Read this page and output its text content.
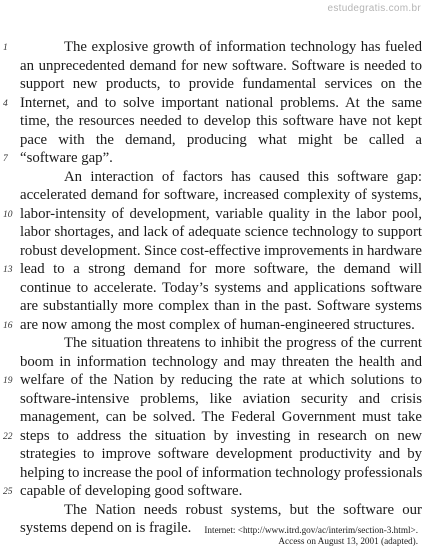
estudegratis.com.br
1	The explosive growth of information technology has fueled
an unprecedented demand for new software. Software is needed to
support new products, to provide fundamental services on the
4 Internet, and to solve important national problems. At the same
time, the resources needed to develop this software have not kept
pace with the demand, producing what might be called a
7 “software gap”.
An interaction of factors has caused this software gap:
accelerated demand for software, increased complexity of systems,
10 labor-intensity of development, variable quality in the labor pool,
labor shortages, and lack of adequate science technology to support
robust development. Since cost-effective improvements in hardware
13 lead to a strong demand for more software, the demand will
continue to accelerate. Today’s systems and applications software
are substantially more complex than in the past. Software systems
16 are now among the most complex of human-engineered structures.
The situation threatens to inhibit the progress of the current
boom in information technology and may threaten the health and
19 welfare of the Nation by reducing the rate at which solutions to
software-intensive problems, like aviation security and crisis
management, can be solved. The Federal Government must take
22 steps to address the situation by investing in research on new
strategies to improve software development productivity and by
helping to increase the pool of information technology professionals
25 capable of developing good software.
The Nation needs robust systems, but the software our
systems depend on is fragile.	Internet: <http://www.itrd.gov/ac/interim/section-3.html>.
Access on August 13, 2001 (adapted).
